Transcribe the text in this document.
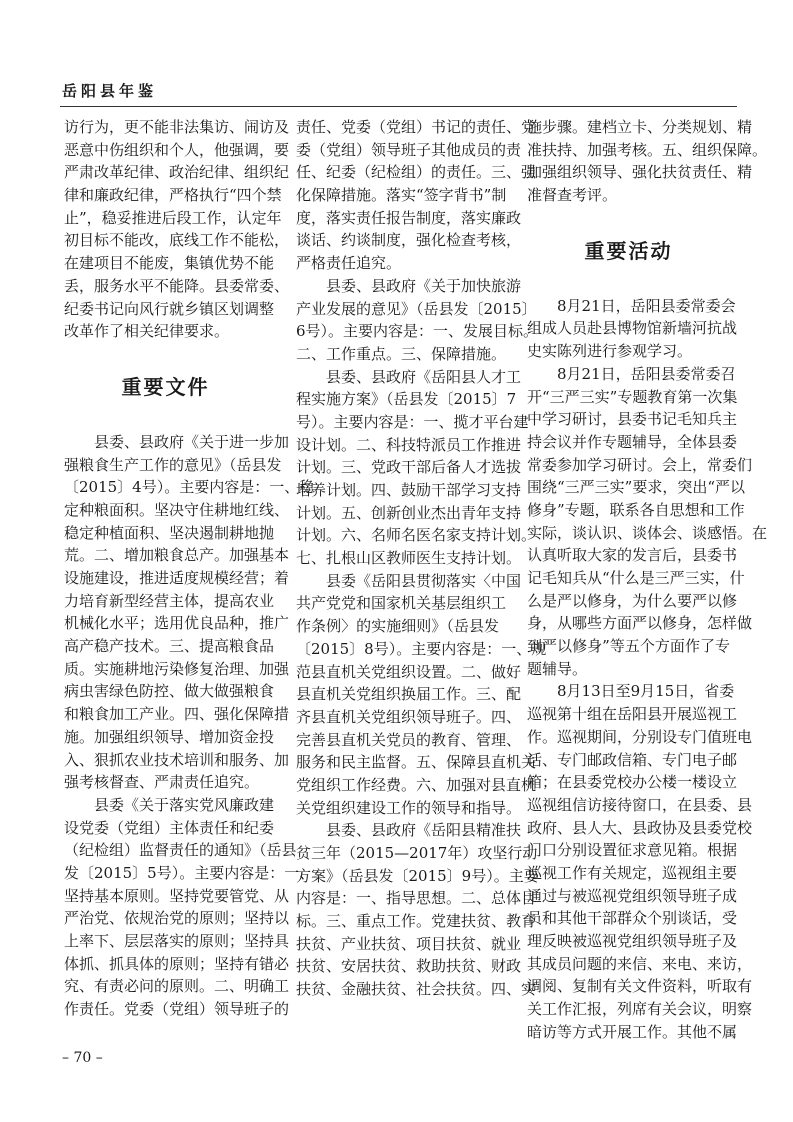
岳阳县年鉴
访行为，更不能非法集访、闹访及
恶意中伤组织和个人，他强调，要
严肃改革纪律、政治纪律、组织纪
律和廉政纪律，严格执行“四个禁
止”，稳妥推进后段工作，认定年
初目标不能改，底线工作不能松，
在建项目不能废，集镇优势不能
丢，服务水平不能降。县委常委、
纪委书记向风行就乡镇区划调整
改革作了相关纪律要求。
重要文件
县委、县政府《关于进一步加
强粮食生产工作的意见》（岳县发
〔2015〕4号）。主要内容是：一、稳
定种粮面积。坚决守住耕地红线、
稳定种植面积、坚决遏制耕地抛
荒。二、增加粮食总产。加强基本
设施建设，推进适度规模经营；着
力培育新型经营主体，提高农业
机械化水平；选用优良品种，推广
高产稳产技术。三、提高粮食品
质。实施耕地污染修复治理、加强
病虫害绿色防控、做大做强粮食
和粮食加工产业。四、强化保障措
施。加强组织领导、增加资金投
入、狠抓农业技术培训和服务、加
强考核督查、严肃责任追究。
县委《关于落实党风廉政建
设党委（党组）主体责任和纪委
（纪检组）监督责任的通知》（岳县
发〔2015〕5号）。主要内容是：一、
坚持基本原则。坚持党要管党、从
严治党、依规治党的原则；坚持以
上率下、层层落实的原则；坚持具
体抓、抓具体的原则；坚持有错必
究、有责必问的原则。二、明确工
作责任。党委（党组）领导班子的
责任、党委（党组）书记的责任、党
委（党组）领导班子其他成员的责
任、纪委（纪检组）的责任。三、强
化保障措施。落实“签字背书”制
度，落实责任报告制度，落实廉政
谈话、约谈制度，强化检查考核，
严格责任追究。
县委、县政府《关于加快旅游
产业发展的意见》（岳县发〔2015〕
6号）。主要内容是：一、发展目标。
二、工作重点。三、保障措施。
县委、县政府《岳阳县人才工
程实施方案》（岳县发〔2015〕7
号）。主要内容是：一、揽才平台建
设计划。二、科技特派员工作推进
计划。三、党政干部后备人才选拔
培养计划。四、鼓励干部学习支持
计划。五、创新创业杰出青年支持
计划。六、名师名医名家支持计划。
七、扎根山区教师医生支持计划。
县委《岳阳县贯彻落实〈中国
共产党党和国家机关基层组织工
作条例〉的实施细则》（岳县发
〔2015〕8号）。主要内容是：一、规
范县直机关党组织设置。二、做好
县直机关党组织换届工作。三、配
齐县直机关党组织领导班子。四、
完善县直机关党员的教育、管理、
服务和民主监督。五、保障县直机关
党组织工作经费。六、加强对县直机
关党组织建设工作的领导和指导。
县委、县政府《岳阳县精准扶
贫三年（2015—2017年）攻坚行动
方案》（岳县发〔2015〕9号）。主要
内容是：一、指导思想。二、总体目
标。三、重点工作。党建扶贫、教育
扶贫、产业扶贫、项目扶贫、就业
扶贫、安居扶贫、救助扶贫、财政
扶贫、金融扶贫、社会扶贫。四、实
施步骤。建档立卡、分类规划、精
准扶持、加强考核。五、组织保障。
加强组织领导、强化扶贫责任、精
准督查考评。
重要活动
8月21日，岳阳县委常委会
组成人员赴县博物馆新墙河抗战
史实陈列进行参观学习。
8月21日，岳阳县委常委召
开“三严三实”专题教育第一次集
中学习研讨，县委书记毛知兵主
持会议并作专题辅导，全体县委
常委参加学习研讨。会上，常委们
围绕“三严三实”要求，突出“严以
修身”专题，联系各自思想和工作
实际，谈认识、谈体会、谈感悟。在
认真听取大家的发言后，县委书
记毛知兵从“什么是三严三实，什
么是严以修身，为什么要严以修
身，从哪些方面严以修身，怎样做
到严以修身”等五个方面作了专
题辅导。
8月13日至9月15日，省委
巡视第十组在岳阳县开展巡视工
作。巡视期间，分别设专门值班电
话、专门邮政信箱、专门电子邮
箱；在县委党校办公楼一楼设立
巡视组信访接待窗口，在县委、县
政府、县人大、县政协及县委党校
门口分别设置征求意见箱。根据
巡视工作有关规定，巡视组主要
通过与被巡视党组织领导班子成
员和其他干部群众个别谈话，受
理反映被巡视党组织领导班子及
其成员问题的来信、来电、来访，
调阅、复制有关文件资料，听取有
关工作汇报，列席有关会议，明察
暗访等方式开展工作。其他不属
– 70 –
